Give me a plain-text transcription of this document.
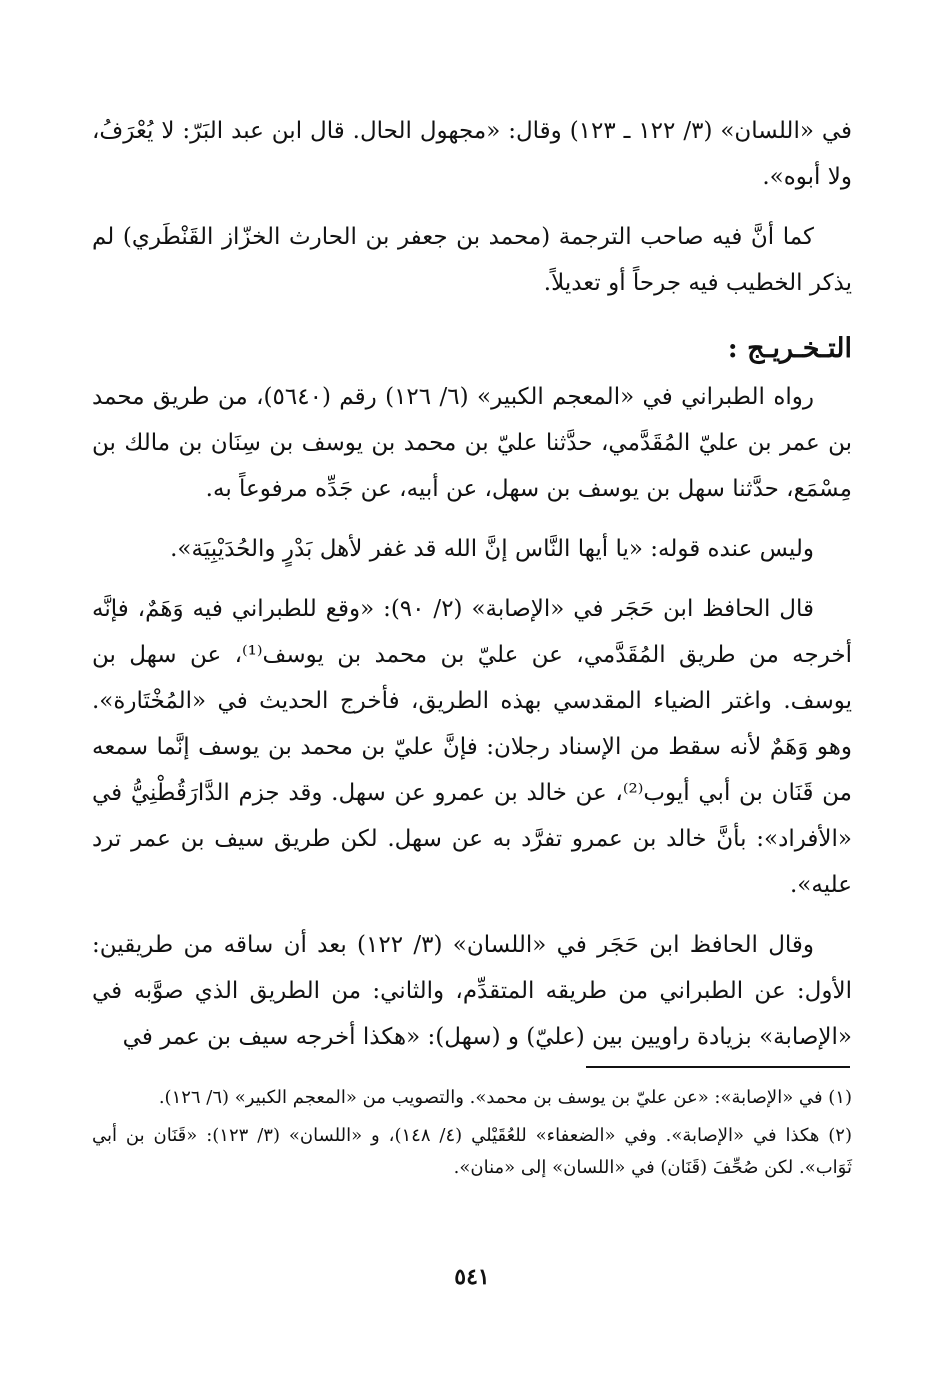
في «اللسان» (٣/ ١٢٢ ـ ١٢٣) وقال: «مجهول الحال. قال ابن عبد البَرّ: لا يُعْرَفُ، ولا أبوه».

كما أنَّ فيه صاحب الترجمة (محمد بن جعفر بن الحارث الخزّاز القَنْطَري) لم يذكر الخطيب فيه جرحاً أو تعديلاً.

التـخـريـج :

رواه الطبراني في «المعجم الكبير» (٦/ ١٢٦) رقم (٥٦٤٠)، من طريق محمد بن عمر بن عليّ المُقَدَّمي، حدَّثنا عليّ بن محمد بن يوسف بن سِنَان بن مالك بن مِسْمَع، حدَّثنا سهل بن يوسف بن سهل، عن أبيه، عن جَدِّه مرفوعاً به.

وليس عنده قوله: «يا أيها النَّاس إنَّ الله قد غفر لأهل بَدْرٍ والحُدَيْبِيَة».

قال الحافظ ابن حَجَر في «الإصابة» (٢/ ٩٠): «وقع للطبراني فيه وَهَمٌ، فإنَّه أخرجه من طريق المُقَدَّمي، عن عليّ بن محمد بن يوسف⁽¹⁾، عن سهل بن يوسف. واغتر الضياء المقدسي بهذه الطريق، فأخرج الحديث في «المُخْتَارة». وهو وَهَمٌ لأنه سقط من الإسناد رجلان: فإنَّ عليّ بن محمد بن يوسف إنَّما سمعه من قَنَان بن أبي أيوب⁽²⁾، عن خالد بن عمرو عن سهل. وقد جزم الدَّارَقُطْنِيُّ في «الأفراد»: بأنَّ خالد بن عمرو تفرَّد به عن سهل. لكن طريق سيف بن عمر ترد عليه».

وقال الحافظ ابن حَجَر في «اللسان» (٣/ ١٢٢) بعد أن ساقه من طريقين: الأول: عن الطبراني من طريقه المتقدِّم، والثاني: من الطريق الذي صوَّبه في «الإصابة» بزيادة راويين بين (عليّ) و (سهل): «هكذا أخرجه سيف بن عمر في

(١) في «الإصابة»: «عن عليّ بن يوسف بن محمد». والتصويب من «المعجم الكبير» (٦/ ١٢٦).

(٢) هكذا في «الإصابة». وفي «الضعفاء» للعُقَيْلي (٤/ ١٤٨)، و «اللسان» (٣/ ١٢٣): «قَنَان بن أبي ثَوَاب». لكن صُحِّفَ (قَنَان) في «اللسان» إلى «منان».

٥٤١
